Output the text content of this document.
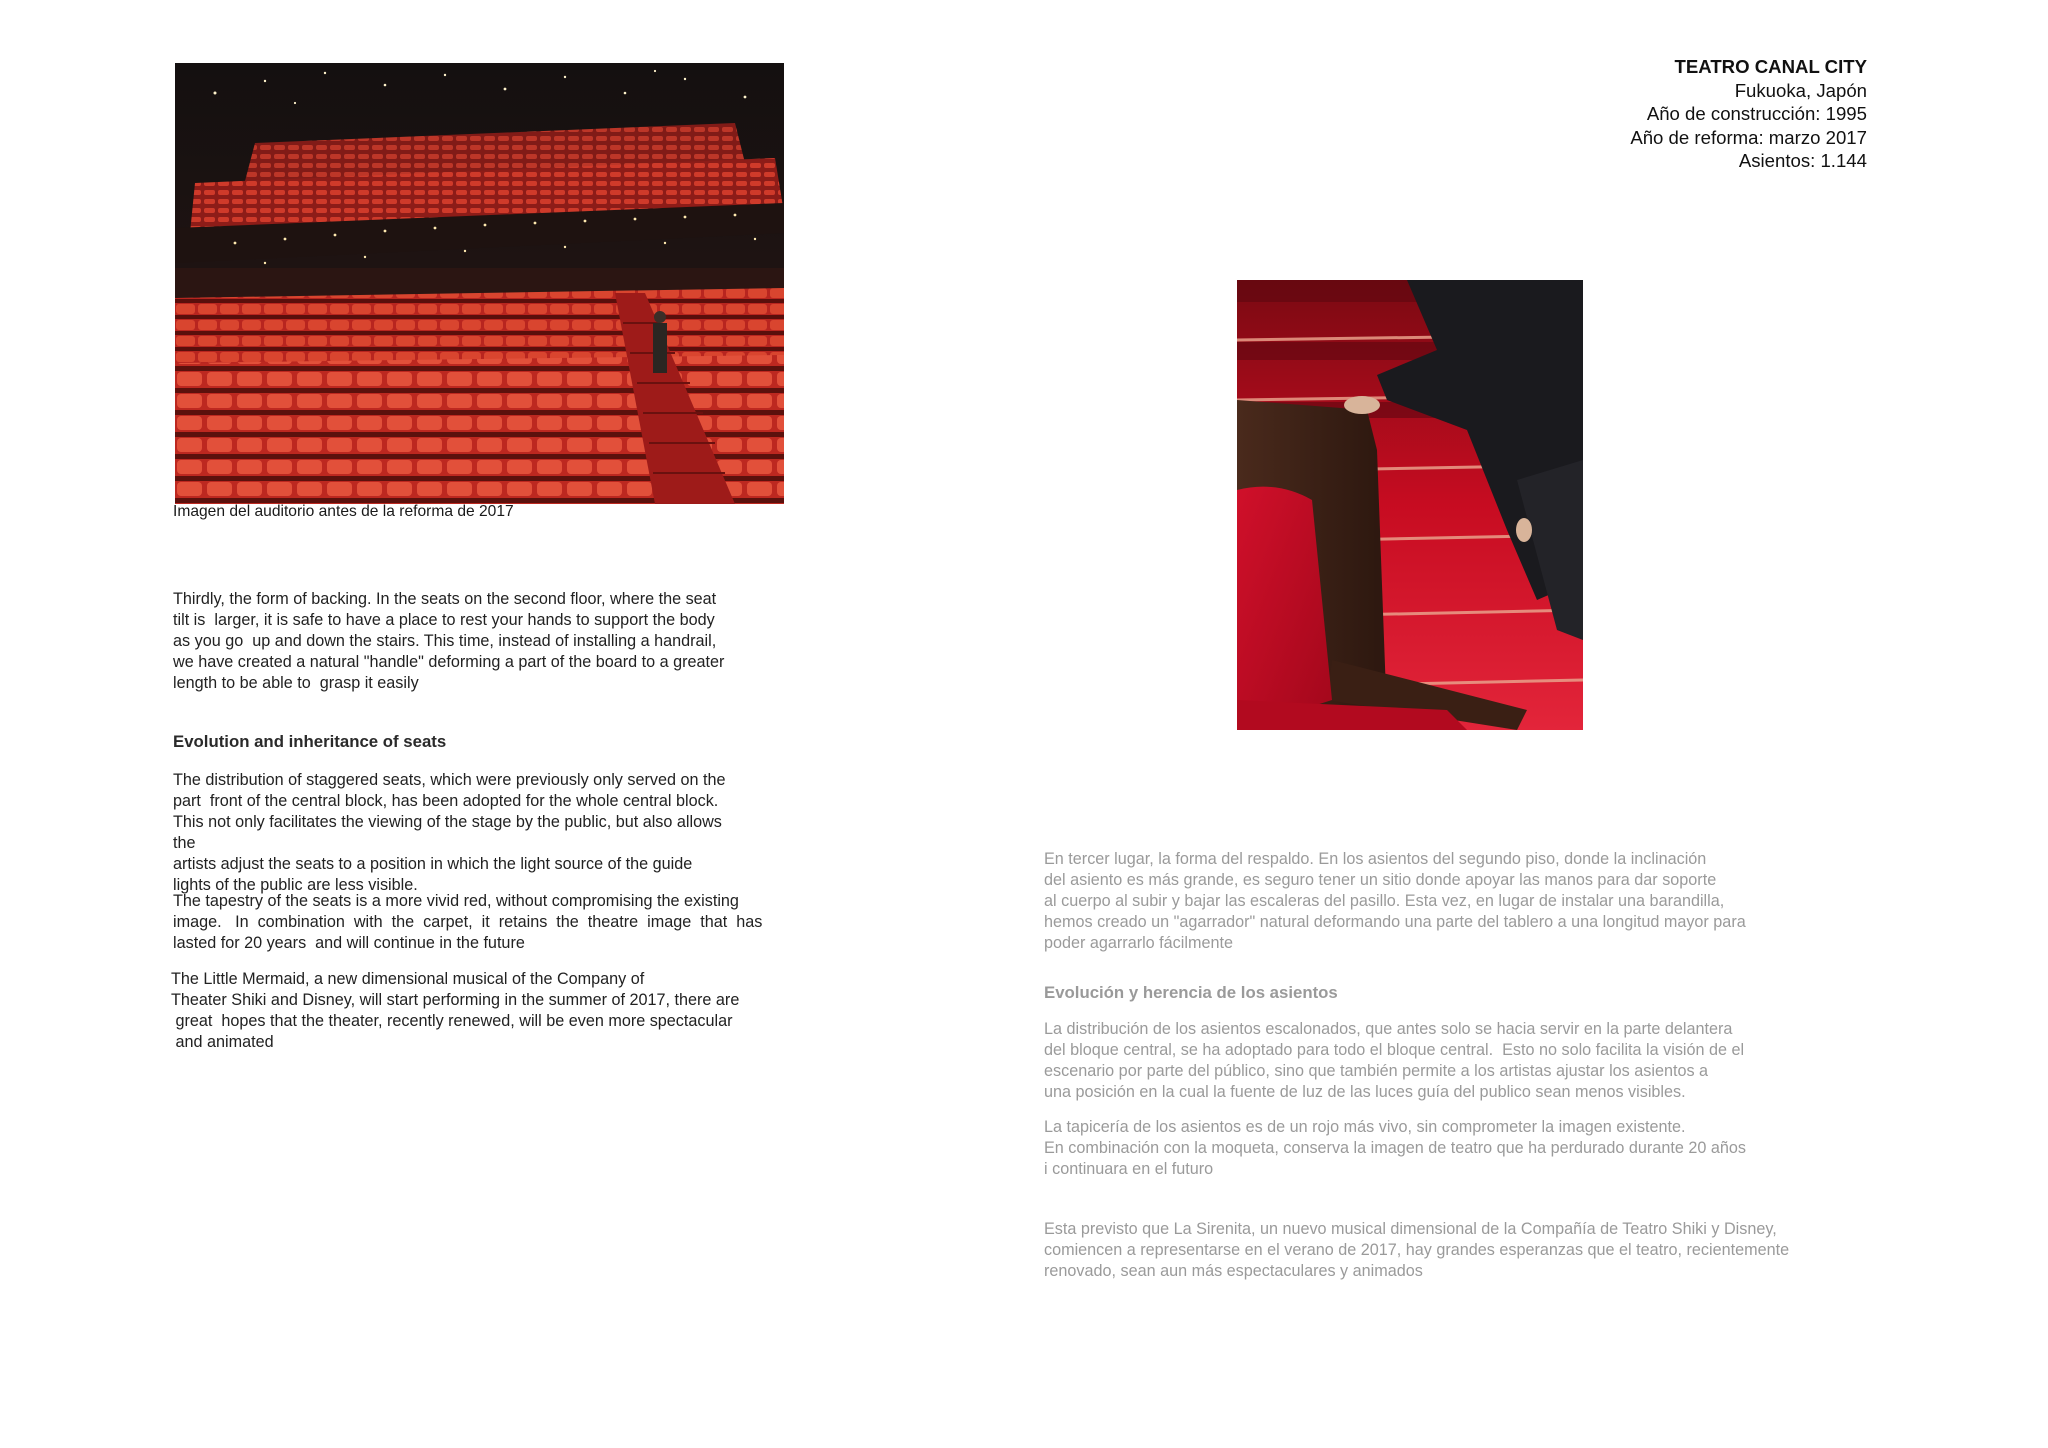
Imagen del auditorio antes de la reforma de 2017
Thirdly, the form of backing. In the seats on the second floor, where the seat
tilt is  larger, it is safe to have a place to rest your hands to support the body
as you go  up and down the stairs. This time, instead of installing a handrail,
we have created a natural "handle" deforming a part of the board to a greater
length to be able to  grasp it easily
Evolution and inheritance of seats
The distribution of staggered seats, which were previously only served on the
part  front of the central block, has been adopted for the whole central block.
This not only facilitates the viewing of the stage by the public, but also allows
the
artists adjust the seats to a position in which the light source of the guide
lights of the public are less visible.
The tapestry of the seats is a more vivid red, without compromising the existing
image.   In  combination  with  the  carpet,  it  retains  the  theatre  image  that  has
lasted for 20 years  and will continue in the future
The Little Mermaid, a new dimensional musical of the Company of
Theater Shiki and Disney, will start performing in the summer of 2017, there are
great  hopes that the theater, recently renewed, will be even more spectacular
and animated
TEATRO CANAL CITY
Fukuoka, Japón
Año de construcción: 1995
Año de reforma: marzo 2017
Asientos: 1.144
En tercer lugar, la forma del respaldo. En los asientos del segundo piso, donde la inclinación
del asiento es más grande, es seguro tener un sitio donde apoyar las manos para dar soporte
al cuerpo al subir y bajar las escaleras del pasillo. Esta vez, en lugar de instalar una barandilla,
hemos creado un "agarrador" natural deformando una parte del tablero a una longitud mayor para
poder agarrarlo fácilmente
Evolución y herencia de los asientos
La distribución de los asientos escalonados, que antes solo se hacia servir en la parte delantera
del bloque central, se ha adoptado para todo el bloque central.  Esto no solo facilita la visión de el
escenario por parte del público, sino que también permite a los artistas ajustar los asientos a
una posición en la cual la fuente de luz de las luces guía del publico sean menos visibles.
La tapicería de los asientos es de un rojo más vivo, sin comprometer la imagen existente.
En combinación con la moqueta, conserva la imagen de teatro que ha perdurado durante 20 años
i continuara en el futuro
Esta previsto que La Sirenita, un nuevo musical dimensional de la Compañía de Teatro Shiki y Disney,
comiencen a representarse en el verano de 2017, hay grandes esperanzas que el teatro, recientemente
renovado, sean aun más espectaculares y animados
